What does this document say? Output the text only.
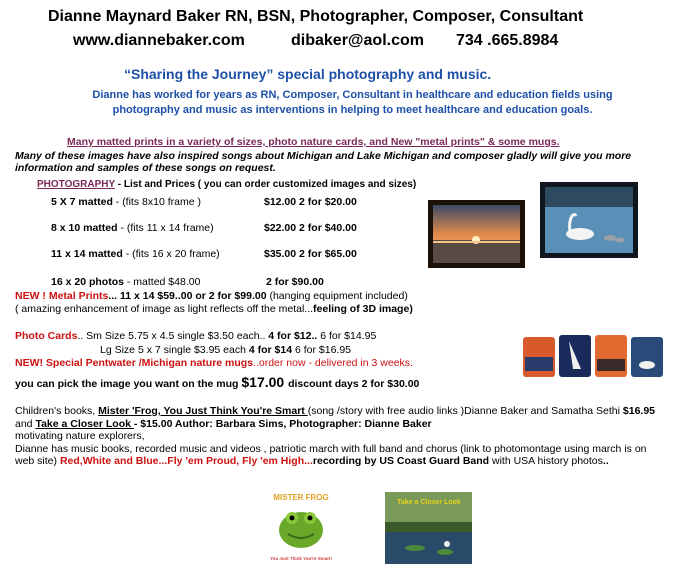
Dianne Maynard Baker RN, BSN, Photographer, Composer, Consultant
www.diannebaker.com	dibaker@aol.com 734 .665.8984
“Sharing the Journey” special photography and music.
Dianne has worked for years as RN, Composer, Consultant in healthcare and education fields using photography and music as interventions in helping to meet healthcare and education goals.
Many matted prints in a variety of sizes, photo nature cards, and New "metal prints" & some mugs.
Many of these images have also inspired songs about Michigan and Lake Michigan and composer gladly will give you more information and samples of these songs on request.
PHOTOGRAPHY - List and Prices ( you can order customized images and sizes)
5 X 7 matted - (fits 8x10 frame )	$12.00 2 for $20.00
8 x 10 matted - (fits 11 x 14 frame)	$22.00 2 for $40.00
11 x 14 matted - (fits 16 x 20 frame)	$35.00 2 for $65.00
16 x 20 photos - matted $48.00	2 for $90.00
NEW ! Metal Prints... 11 x 14 $59..00 or 2 for $99.00 (hanging equipment included)
( amazing enhancement of image as light reflects off the metal...feeling of 3D image)
Photo Cards.. Sm Size 5.75 x 4.5 single $3.50 each.. 4 for $12.. 6 for $14.95
Lg Size 5 x 7 single $3.95 each 4 for $14 6 for $16.95
NEW! Special Pentwater /Michigan nature mugs..order now - delivered in 3 weeks.
you can pick the image you want on the mug $17.00 discount days 2 for $30.00
Children's books, Mister 'Frog, You Just Think You're Smart (song /story with free audio links )Dianne Baker and Samatha Sethi $16.95 and Take a Closer Look - $15.00 Author: Barbara Sims, Photographer: Dianne Baker
motivating nature explorers,
Dianne has music books, recorded music and videos , patriotic march with full band and chorus (link to photomontage using march is on web site) Red,White and Blue...Fly 'em Proud, Fly 'em High...recording by US Coast Guard Band with USA history photos..
MISTER FROG
You Just Think You're Smart!
Take a Closer Look
